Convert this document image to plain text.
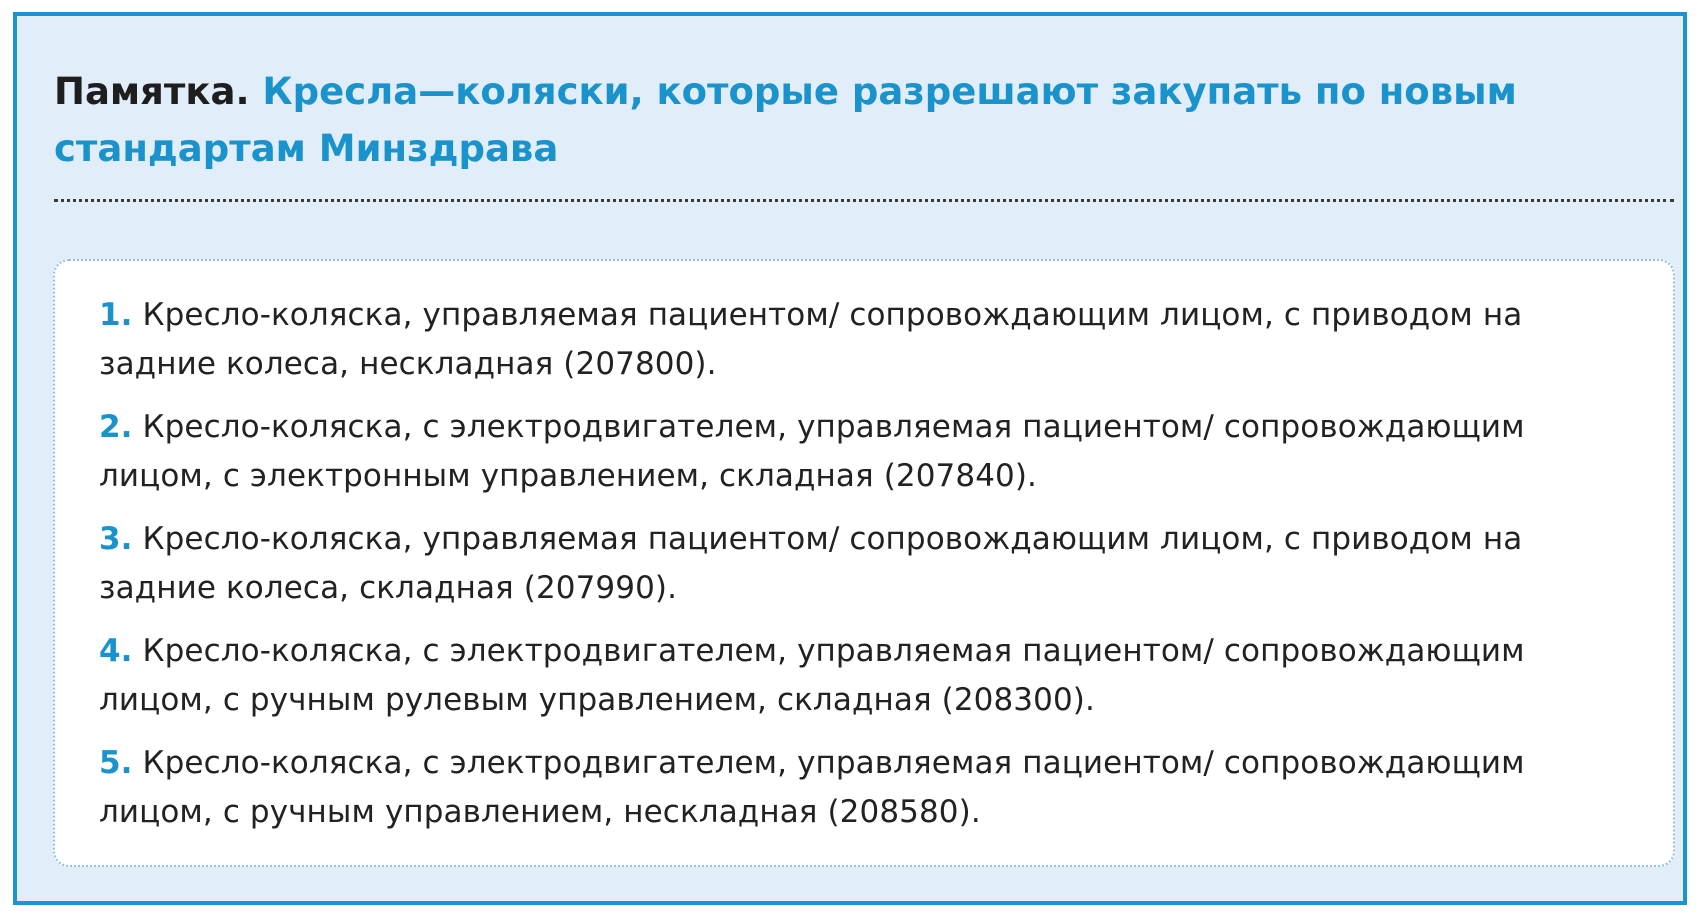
Памятка. Кресла—коляски, которые разрешают закупать по новым стандартам Минздрава
1. Кресло-коляска, управляемая пациентом/ сопровождающим лицом, с приводом на задние колеса, нескладная (207800).
2. Кресло-коляска, с электродвигателем, управляемая пациентом/ сопровождающим лицом, с электронным управлением, складная (207840).
3. Кресло-коляска, управляемая пациентом/ сопровождающим лицом, с приводом на задние колеса, складная (207990).
4. Кресло-коляска, с электродвигателем, управляемая пациентом/ сопровождающим лицом, с ручным рулевым управлением, складная (208300).
5. Кресло-коляска, с электродвигателем, управляемая пациентом/ сопровождающим лицом, с ручным управлением, нескладная (208580).
